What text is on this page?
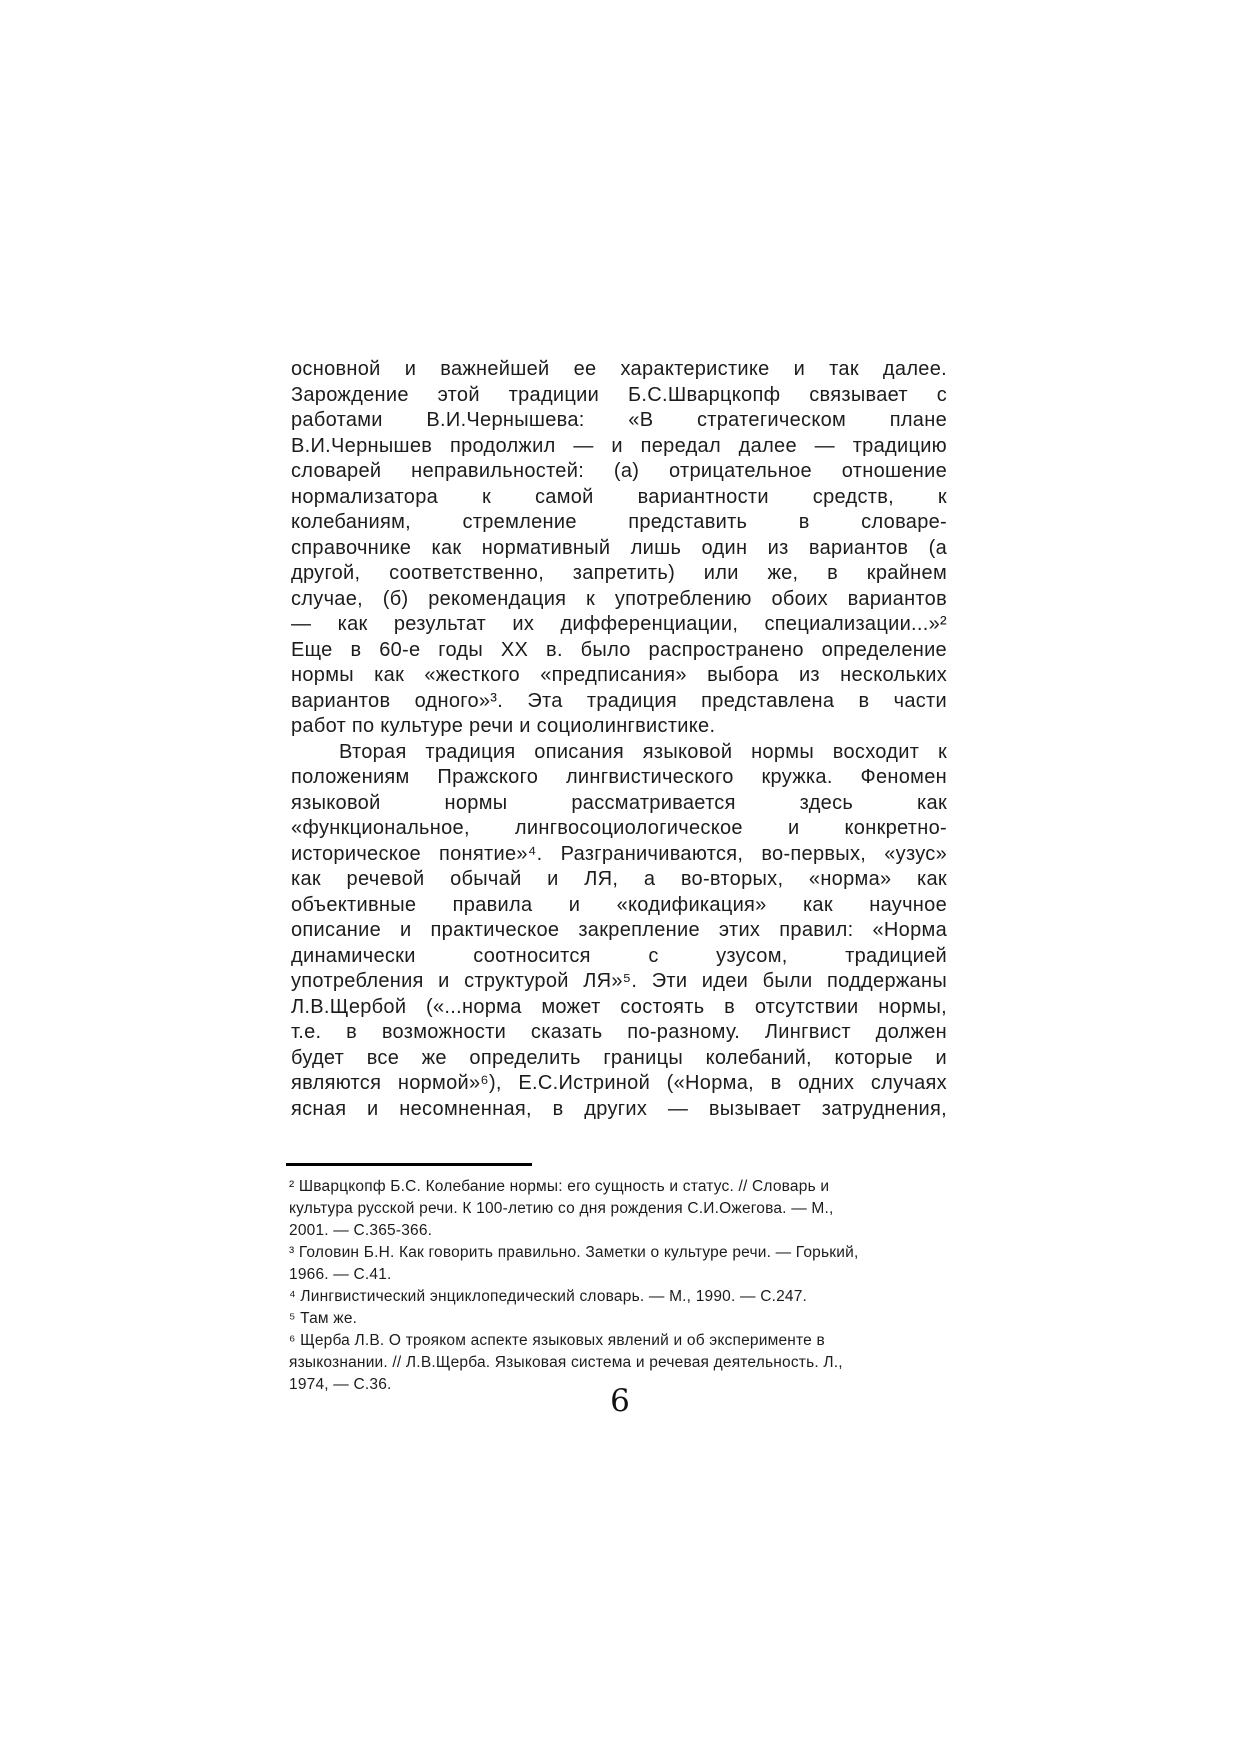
основной и важнейшей ее характеристике и так далее.
Зарождение этой традиции Б.С.Шварцкопф связывает с
работами В.И.Чернышева: «В стратегическом плане
В.И.Чернышев продолжил — и передал далее — традицию
словарей неправильностей: (а) отрицательное отношение
нормализатора к самой вариантности средств, к
колебаниям, стремление представить в словаре-
справочнике как нормативный лишь один из вариантов (а
другой, соответственно, запретить) или же, в крайнем
случае, (б) рекомендация к употреблению обоих вариантов
— как результат их дифференциации, специализации...»²
Еще в 60-е годы XX в. было распространено определение
нормы как «жесткого «предписания» выбора из нескольких
вариантов одного»³. Эта традиция представлена в части
работ по культуре речи и социолингвистике.
Вторая традиция описания языковой нормы восходит к
положениям Пражского лингвистического кружка. Феномен
языковой нормы рассматривается здесь как
«функциональное, лингвосоциологическое и конкретно-
историческое понятие»⁴. Разграничиваются, во-первых, «узус»
как речевой обычай и ЛЯ, а во-вторых, «норма» как
объективные правила и «кодификация» как научное
описание и практическое закрепление этих правил: «Норма
динамически соотносится с узусом, традицией
употребления и структурой ЛЯ»⁵. Эти идеи были поддержаны
Л.В.Щербой («...норма может состоять в отсутствии нормы,
т.е. в возможности сказать по-разному. Лингвист должен
будет все же определить границы колебаний, которые и
являются нормой»⁶), Е.С.Истриной («Норма, в одних случаях
ясная и несомненная, в других — вызывает затруднения,
² Шварцкопф Б.С. Колебание нормы: его сущность и статус. // Словарь и
культура русской речи. К 100-летию со дня рождения С.И.Ожегова. — М.,
2001. — С.365-366.
³ Головин Б.Н. Как говорить правильно. Заметки о культуре речи. — Горький,
1966. — С.41.
⁴ Лингвистический энциклопедический словарь. — М., 1990. — С.247.
⁵ Там же.
⁶ Щерба Л.В. О трояком аспекте языковых явлений и об эксперименте в
языкознании. // Л.В.Щерба. Языковая система и речевая деятельность. Л.,
1974, — С.36.	6
